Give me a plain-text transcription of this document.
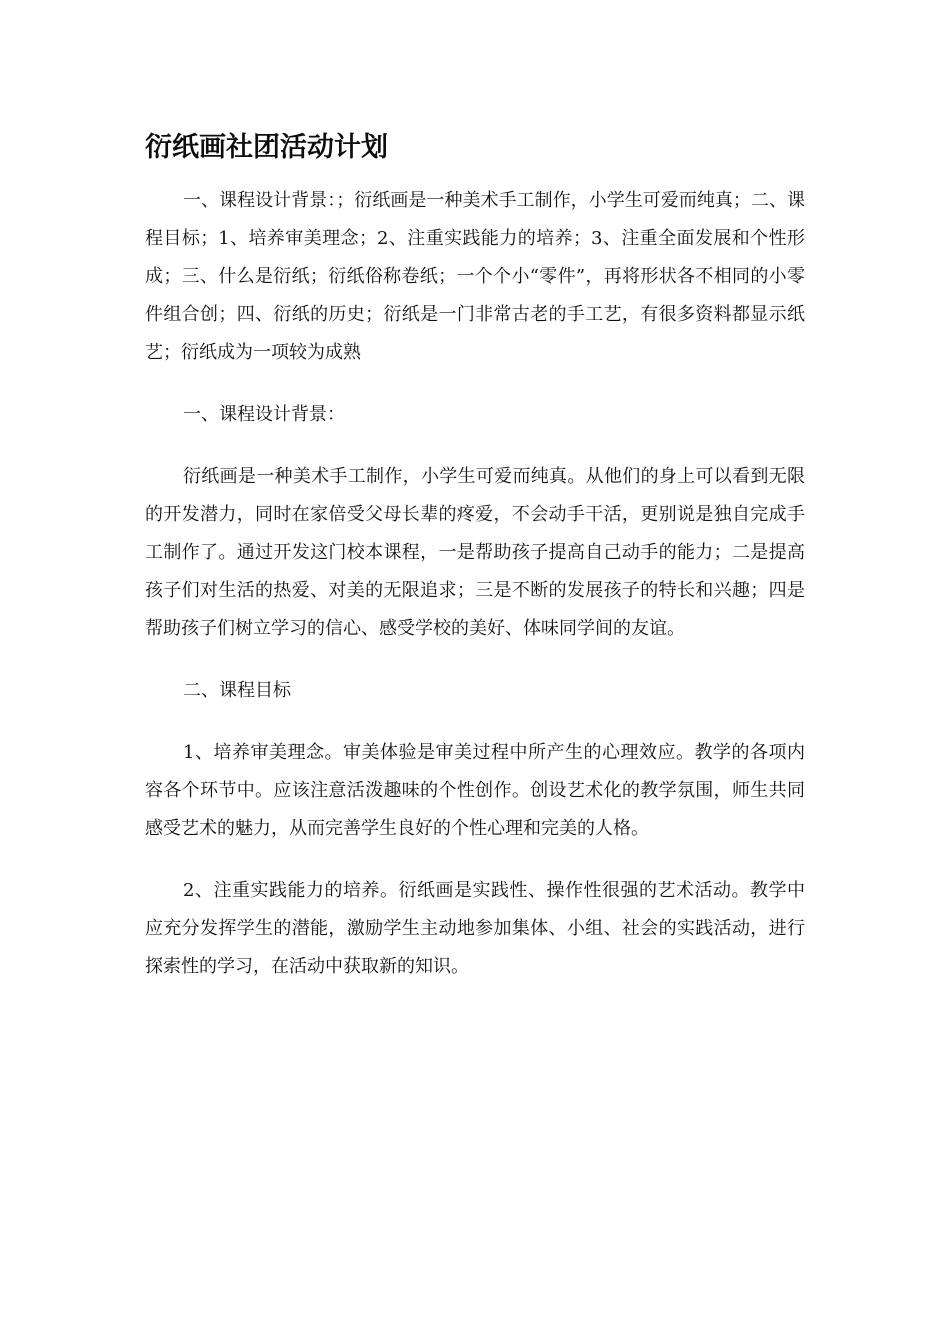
衍纸画社团活动计划

一、课程设计背景：；衍纸画是一种美术手工制作，小学生可爱而纯真；二、课程目标；1、培养审美理念；2、注重实践能力的培养；3、注重全面发展和个性形成；三、什么是衍纸；衍纸俗称卷纸；一个个小“零件”，再将形状各不相同的小零件组合创；四、衍纸的历史；衍纸是一门非常古老的手工艺，有很多资料都显示纸艺；衍纸成为一项较为成熟

一、课程设计背景：

衍纸画是一种美术手工制作，小学生可爱而纯真。从他们的身上可以看到无限的开发潜力，同时在家倍受父母长辈的疼爱，不会动手干活，更别说是独自完成手工制作了。通过开发这门校本课程，一是帮助孩子提高自己动手的能力；二是提高孩子们对生活的热爱、对美的无限追求；三是不断的发展孩子的特长和兴趣；四是帮助孩子们树立学习的信心、感受学校的美好、体味同学间的友谊。

二、课程目标

1、培养审美理念。审美体验是审美过程中所产生的心理效应。教学的各项内容各个环节中。应该注意活泼趣味的个性创作。创设艺术化的教学氛围，师生共同感受艺术的魅力，从而完善学生良好的个性心理和完美的人格。

2、注重实践能力的培养。衍纸画是实践性、操作性很强的艺术活动。教学中应充分发挥学生的潜能，激励学生主动地参加集体、小组、社会的实践活动，进行探索性的学习，在活动中获取新的知识。
